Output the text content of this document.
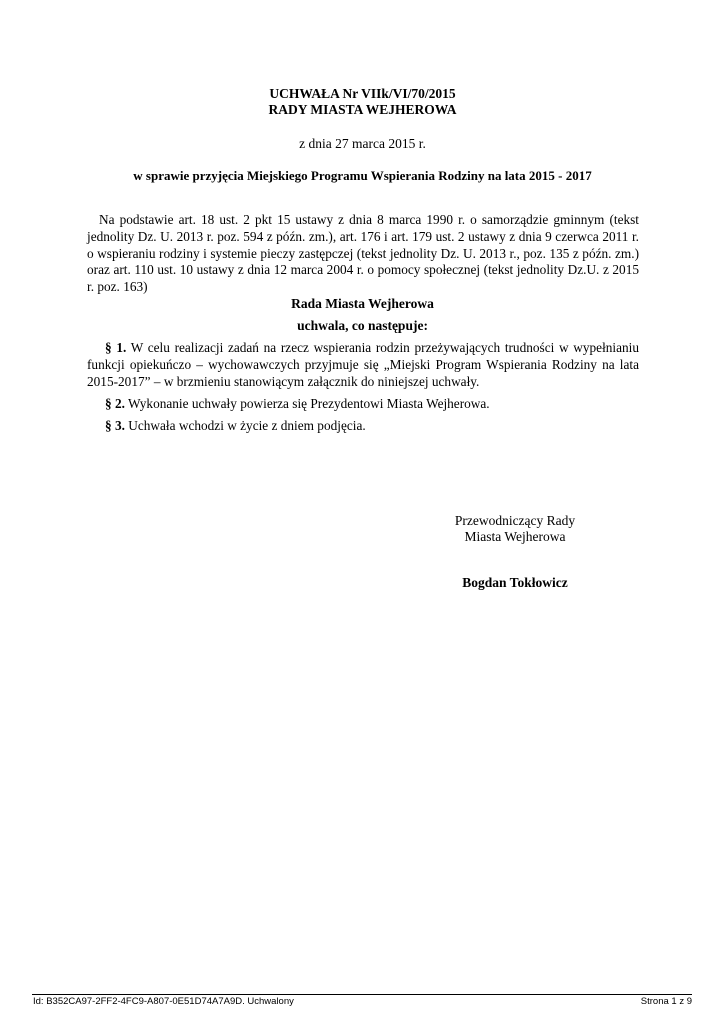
UCHWAŁA Nr VIIk/VI/70/2015
RADY MIASTA WEJHEROWA
z dnia 27 marca 2015 r.
w sprawie przyjęcia Miejskiego Programu Wspierania Rodziny na lata 2015 - 2017

Na podstawie art. 18 ust. 2 pkt 15 ustawy z dnia 8 marca 1990 r. o samorządzie gminnym (tekst jednolity Dz. U. 2013 r. poz. 594 z późn. zm.), art. 176 i art. 179 ust. 2 ustawy z dnia 9 czerwca 2011 r. o wspieraniu rodziny i systemie pieczy zastępczej (tekst jednolity Dz. U. 2013 r., poz. 135 z późn. zm.) oraz art. 110 ust. 10 ustawy z dnia 12 marca 2004 r. o pomocy społecznej (tekst jednolity Dz.U. z 2015 r. poz. 163)

Rada Miasta Wejherowa
uchwala, co następuje:

§ 1. W celu realizacji zadań na rzecz wspierania rodzin przeżywających trudności w wypełnianiu funkcji opiekuńczo – wychowawczych przyjmuje się „Miejski Program Wspierania Rodziny na lata 2015-2017” – w brzmieniu stanowiącym załącznik do niniejszej uchwały.

§ 2. Wykonanie uchwały powierza się Prezydentowi Miasta Wejherowa.

§ 3. Uchwała wchodzi w życie z dniem podjęcia.

Przewodniczący Rady
Miasta Wejherowa
Bogdan Tokłowicz
Id: B352CA97-2FF2-4FC9-A807-0E51D74A7A9D. Uchwalony	Strona 1 z 9
